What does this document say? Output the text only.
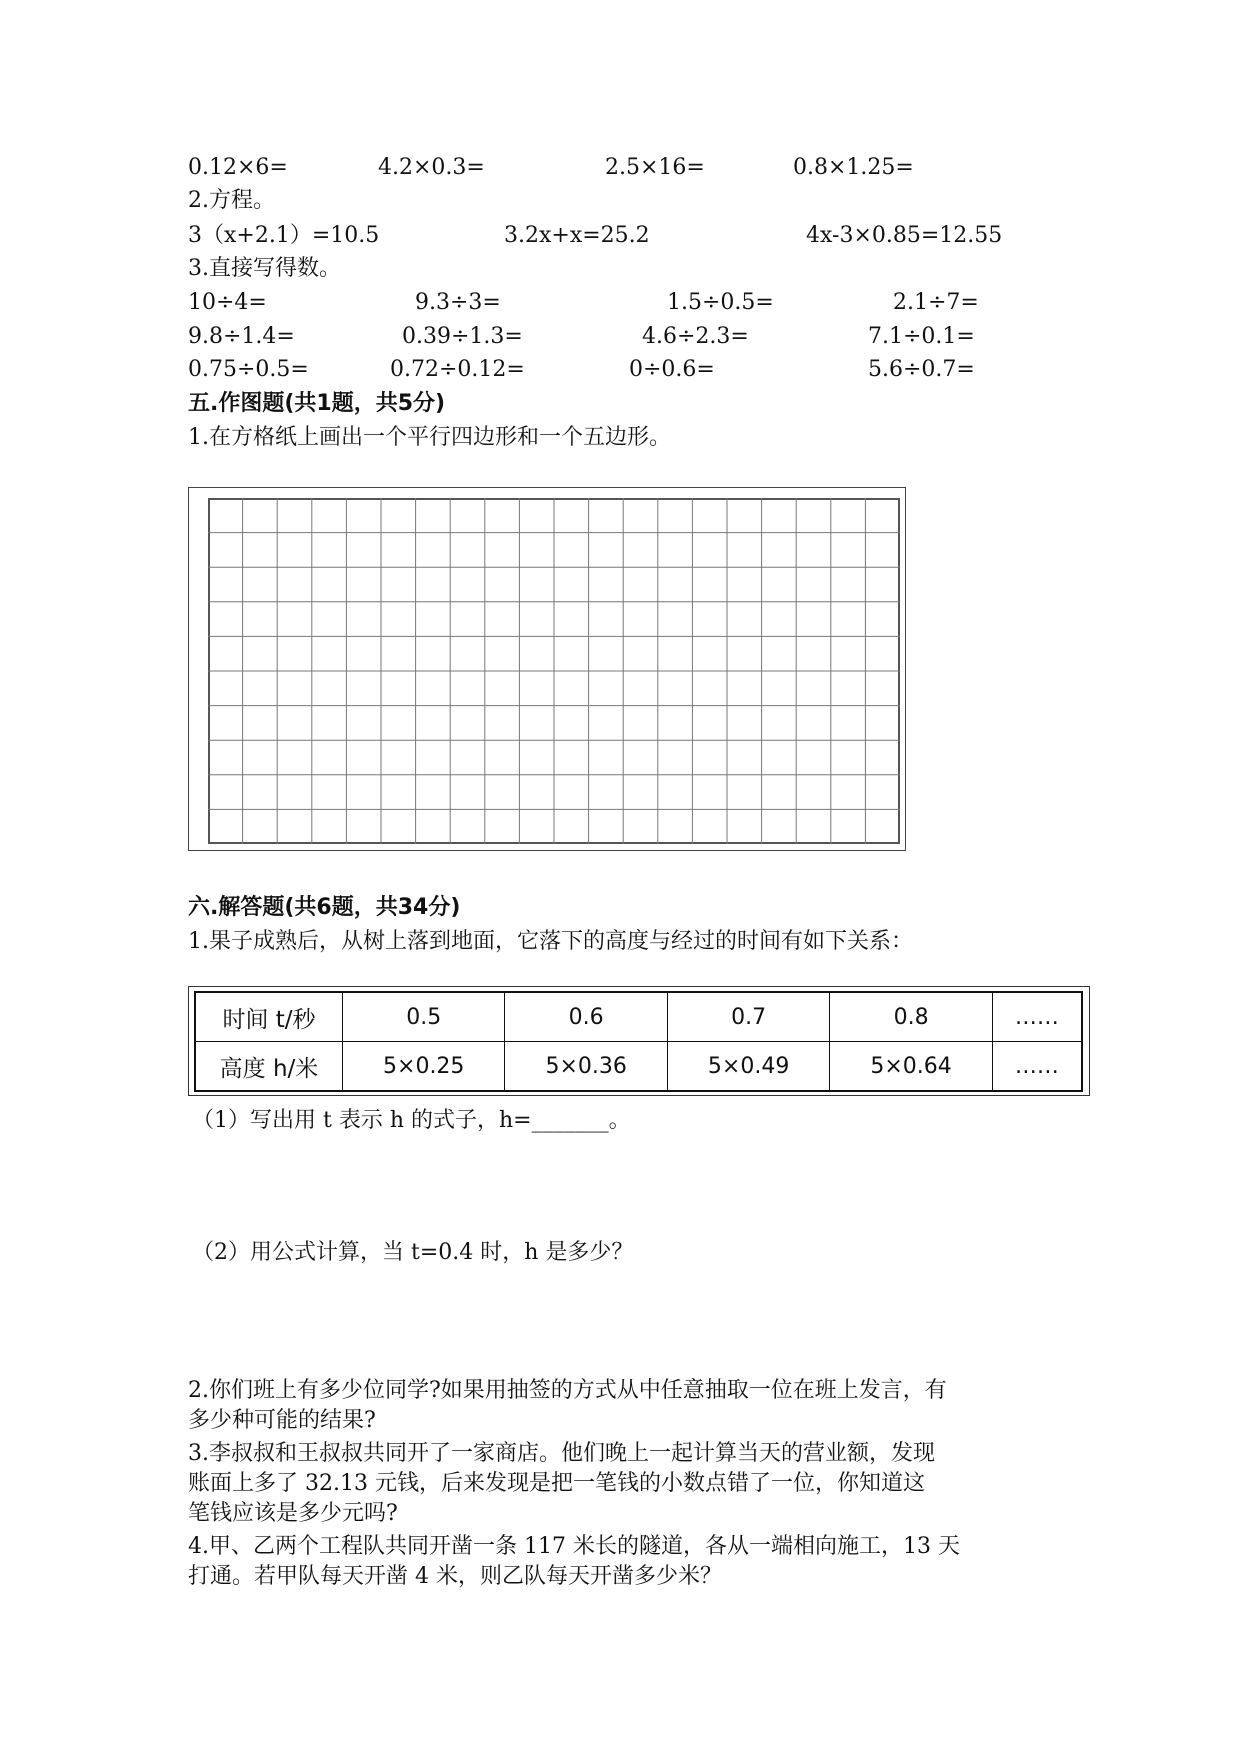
0.12×6=	4.2×0.3=	2.5×16=	0.8×1.25=
2.方程。
3（x+2.1）=10.5	3.2x+x=25.2	4x-3×0.85=12.55
3.直接写得数。
10÷4=	9.3÷3=	1.5÷0.5=	2.1÷7=
9.8÷1.4=	0.39÷1.3=	4.6÷2.3=	7.1÷0.1=
0.75÷0.5=	0.72÷0.12=	0÷0.6=	5.6÷0.7=
五.作图题(共1题，共5分)
1.在方格纸上画出一个平行四边形和一个五边形。
六.解答题(共6题，共34分)
1.果子成熟后，从树上落到地面，它落下的高度与经过的时间有如下关系：
时间 t/秒	0.5	0.6	0.7	0.8	……
高度 h/米	5×0.25	5×0.36	5×0.49	5×0.64	……
（1）写出用 t 表示 h 的式子，h=_______。
（2）用公式计算，当 t=0.4 时，h 是多少？
2.你们班上有多少位同学?如果用抽签的方式从中任意抽取一位在班上发言，有
多少种可能的结果?
3.李叔叔和王叔叔共同开了一家商店。他们晚上一起计算当天的营业额，发现
账面上多了 32.13 元钱，后来发现是把一笔钱的小数点错了一位，你知道这
笔钱应该是多少元吗?
4.甲、乙两个工程队共同开凿一条 117 米长的隧道，各从一端相向施工，13 天
打通。若甲队每天开凿 4 米，则乙队每天开凿多少米？
